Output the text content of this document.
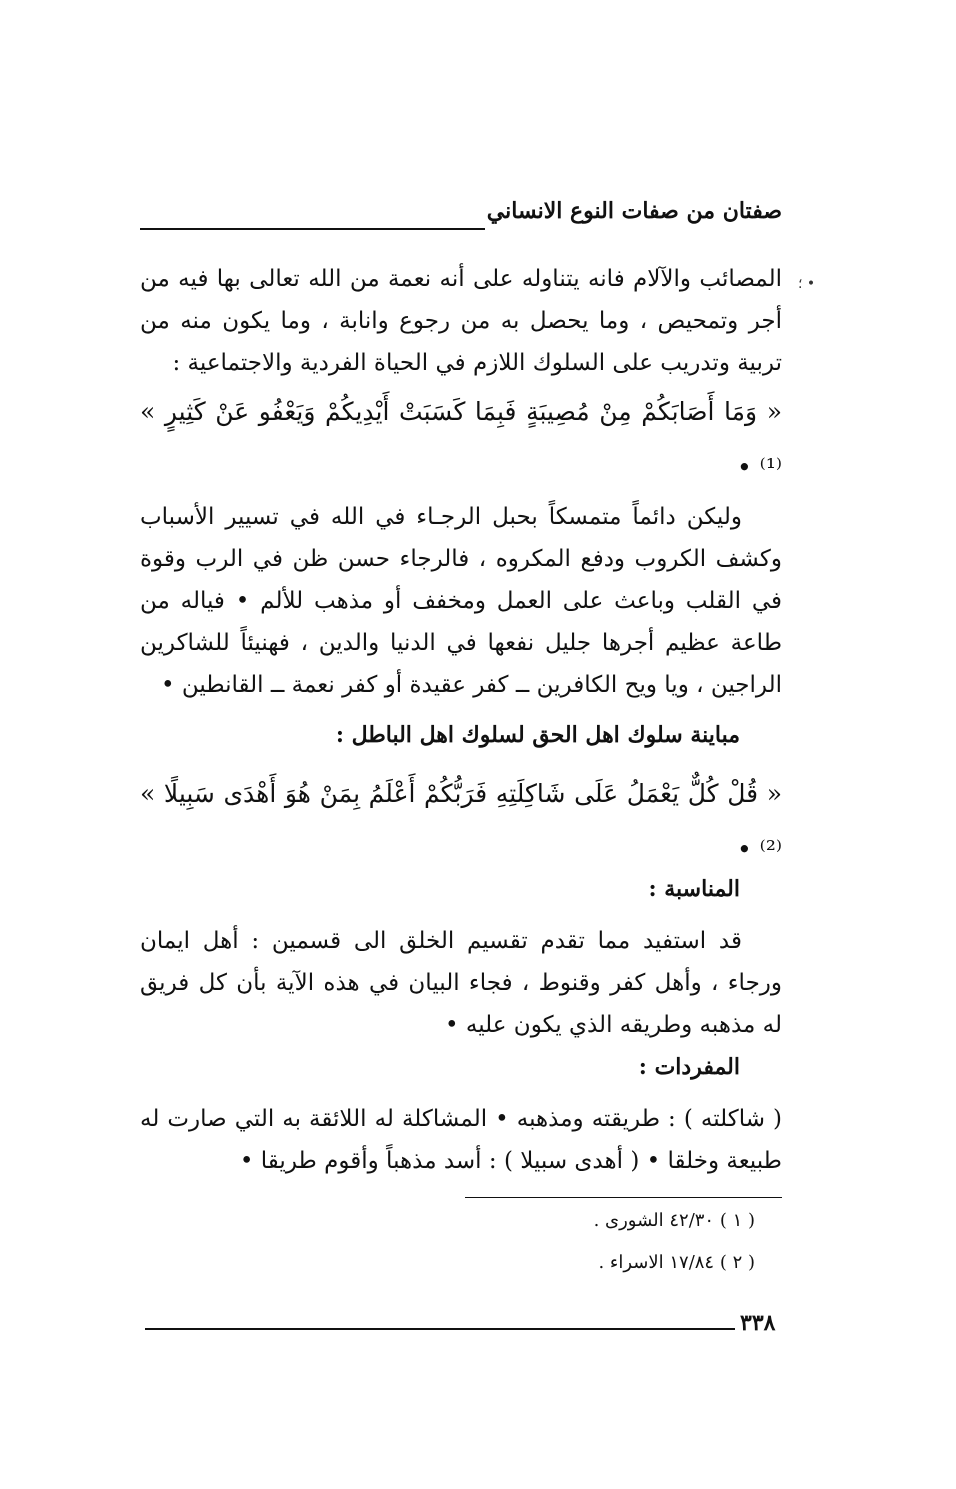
صفتان من صفات النوع الانساني
؛ •

المصائب والآلام فانه يتناوله على أنه نعمة من الله تعالى بها فيه من أجر وتمحيص ، وما يحصل به من رجوع وانابة ، وما يكون منه من تربية وتدريب على السلوك اللازم في الحياة الفردية والاجتماعية :

« وَمَا أَصَابَكُمْ مِنْ مُصِيبَةٍ فَبِمَا كَسَبَتْ أَيْدِيكُمْ وَيَعْفُو عَنْ كَثِيرٍ » ⁽¹⁾ •

وليكن دائماً متمسكاً بحبل الرجـاء في الله في تسيير الأسباب وكشف الكروب ودفع المكروه ، فالرجاء حسن ظن في الرب وقوة في القلب وباعث على العمل ومخفف أو مذهب للألم • فياله من طاعة عظيم أجرها جليل نفعها في الدنيا والدين ، فهنيئاً للشاكرين الراجين ، ويا ويح الكافرين ــ كفر عقيدة أو كفر نعمة ــ القانطين •

مباينة سلوك اهل الحق لسلوك اهل الباطل :

« قُلْ كُلٌّ يَعْمَلُ عَلَى شَاكِلَتِهِ فَرَبُّكُمْ أَعْلَمُ بِمَنْ هُوَ أَهْدَى سَبِيلًا » ⁽²⁾ •

المناسبة :

قد استفيد مما تقدم تقسيم الخلق الى قسمين : أهل ايمان ورجاء ، وأهل كفر وقنوط ، فجاء البيان في هذه الآية بأن كل فريق له مذهبه وطريقه الذي يكون عليه •

المفردات :

( شاكلته ) : طريقته ومذهبه • المشاكلة له اللائقة به التي صارت له طبيعة وخلقا • ( أهدى سبيلا ) : أسد مذهباً وأقوم طريقا •

( ١ ) ٤٢/٣٠ الشورى .
( ٢ ) ١٧/٨٤ الاسراء .
٣٣٨
